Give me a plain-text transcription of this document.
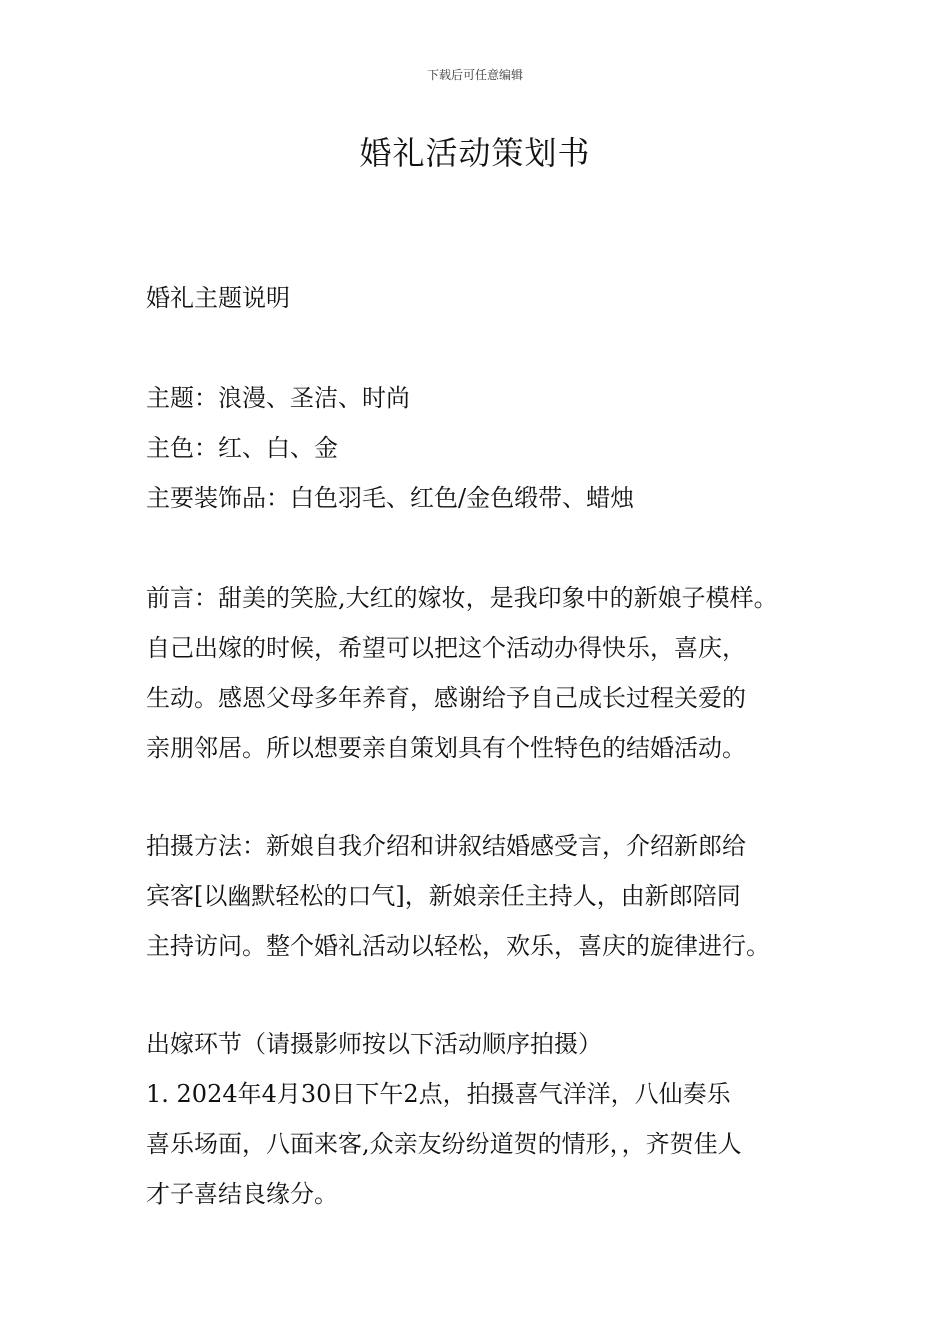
下载后可任意编辑
婚礼活动策划书
婚礼主题说明
主题：浪漫、圣洁、时尚
主色：红、白、金
主要装饰品：白色羽毛、红色/金色缎带、蜡烛
前言：甜美的笑脸,大红的嫁妆，是我印象中的新娘子模样。
自己出嫁的时候，希望可以把这个活动办得快乐，喜庆，
生动。感恩父母多年养育，感谢给予自己成长过程关爱的
亲朋邻居。所以想要亲自策划具有个性特色的结婚活动。
拍摄方法：新娘自我介绍和讲叙结婚感受言，介绍新郎给
宾客[以幽默轻松的口气]，新娘亲任主持人，由新郎陪同
主持访问。整个婚礼活动以轻松，欢乐，喜庆的旋律进行。
出嫁环节（请摄影师按以下活动顺序拍摄）
1. 2024年4月30日下午2点，拍摄喜气洋洋，八仙奏乐
喜乐场面，八面来客,众亲友纷纷道贺的情形，，齐贺佳人
才子喜结良缘分。
